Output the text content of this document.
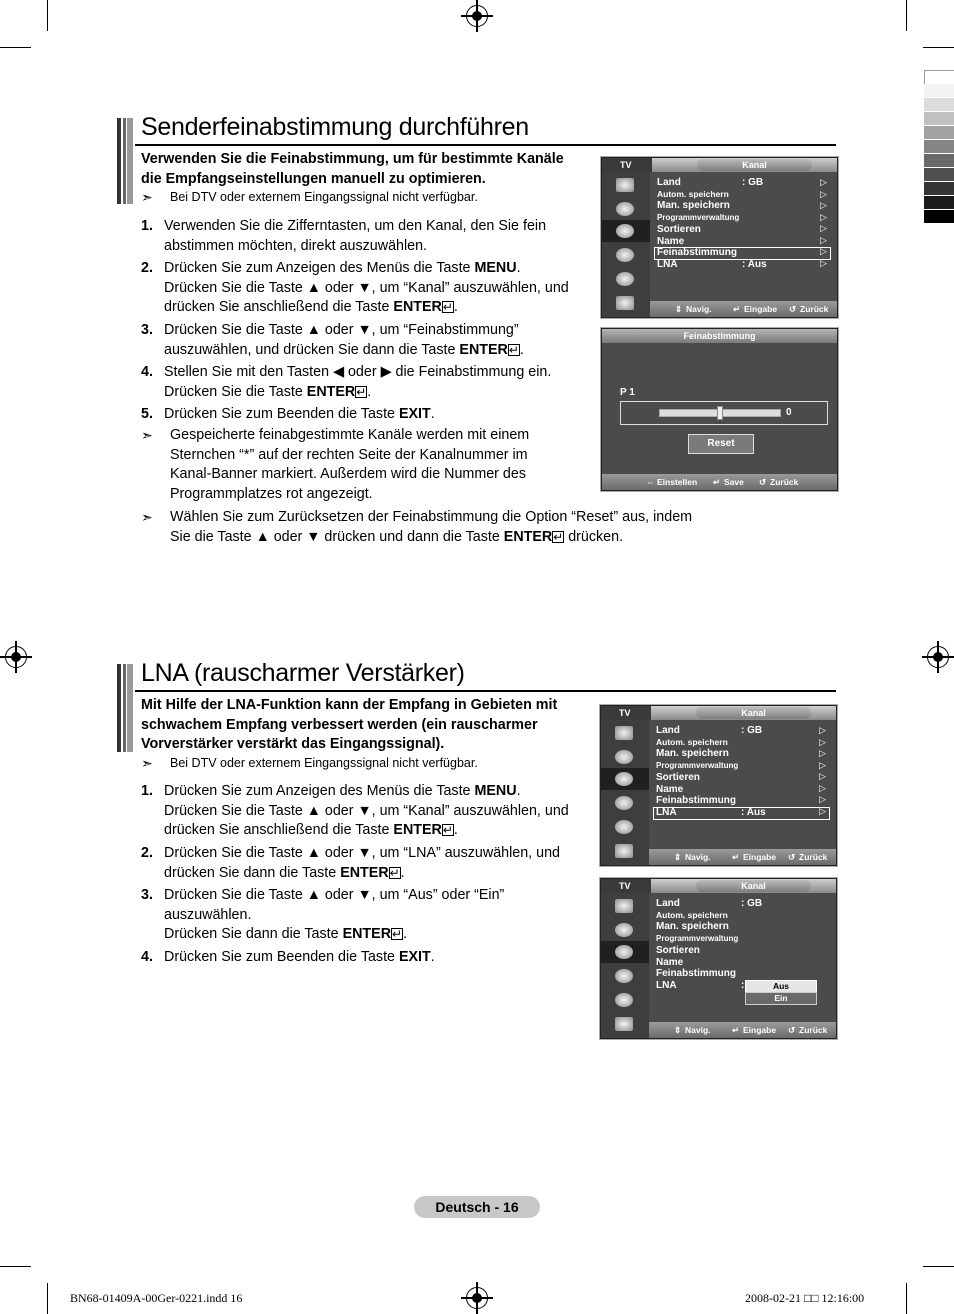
Senderfeinabstimmung durchführen
Verwenden Sie die Feinabstimmung, um für bestimmte Kanäle
die Empfangseinstellungen manuell zu optimieren.
➣ Bei DTV oder externem Eingangssignal nicht verfügbar.
1. Verwenden Sie die Zifferntasten, um den Kanal, den Sie fein
abstimmen möchten, direkt auszuwählen.
2. Drücken Sie zum Anzeigen des Menüs die Taste MENU.
Drücken Sie die Taste ▲ oder ▼, um “Kanal” auszuwählen, und
drücken Sie anschließend die Taste ENTER↵.
3. Drücken Sie die Taste ▲ oder ▼, um “Feinabstimmung”
auszuwählen, und drücken Sie dann die Taste ENTER↵.
4. Stellen Sie mit den Tasten ◀ oder ▶ die Feinabstimmung ein.
Drücken Sie die Taste ENTER↵.
5. Drücken Sie zum Beenden die Taste EXIT.
➣ Gespeicherte feinabgestimmte Kanäle werden mit einem
Sternchen “*” auf der rechten Seite der Kanalnummer im
Kanal-Banner markiert. Außerdem wird die Nummer des
Programmplatzes rot angezeigt.
➣ Wählen Sie zum Zurücksetzen der Feinabstimmung die Option “Reset” aus, indem
Sie die Taste ▲ oder ▼ drücken und dann die Taste ENTER↵ drücken.
TV	Kanal
Land	: GB
Autom. speichern
Man. speichern
Programmverwaltung
Sortieren
Name
Feinabstimmung
LNA	: Aus
▷
▷
▷
▷
▷
▷
▷
▷
⇕ Navig.	↵ Eingabe ↺ Zurück
Feinabstimmung
P 1
0
Reset
⇔ Einstellen ↵ Save ↺ Zurück
LNA (rauscharmer Verstärker)
Mit Hilfe der LNA-Funktion kann der Empfang in Gebieten mit
schwachem Empfang verbessert werden (ein rauscharmer
Vorverstärker verstärkt das Eingangssignal).
➣ Bei DTV oder externem Eingangssignal nicht verfügbar.
1. Drücken Sie zum Anzeigen des Menüs die Taste MENU.
Drücken Sie die Taste ▲ oder ▼, um “Kanal” auszuwählen, und
drücken Sie anschließend die Taste ENTER↵.
2. Drücken Sie die Taste ▲ oder ▼, um “LNA” auszuwählen, und
drücken Sie dann die Taste ENTER↵.
3. Drücken Sie die Taste ▲ oder ▼, um “Aus” oder “Ein”
auszuwählen.
Drücken Sie dann die Taste ENTER↵.
4. Drücken Sie zum Beenden die Taste EXIT.
TV	Kanal
Land	: GB
Autom. speichern
Man. speichern
Programmverwaltung
Sortieren
Name
Feinabstimmung
LNA	: Aus
▷
▷
▷
▷
▷
▷
▷
▷
⇕ Navig.	↵ Eingabe ↺ Zurück
TV	Kanal
Land	: GB
Autom. speichern
Man. speichern
Programmverwaltung
Sortieren
Name
Feinabstimmung
LNA	:	Aus
Ein
⇕ Navig.	↵ Eingabe ↺ Zurück
Deutsch - 16
BN68-01409A-00Ger-0221.indd 16	2008-02-21 □□ 12:16:00
